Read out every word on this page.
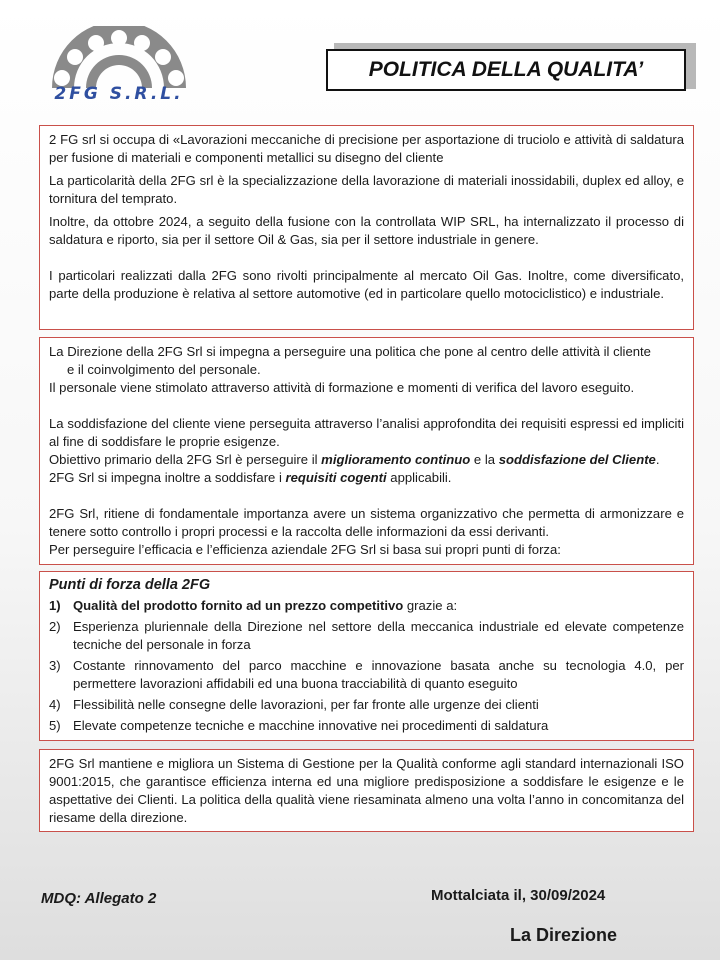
2FG S.R.L.
POLITICA DELLA QUALITA’

2 FG srl si occupa di «Lavorazioni meccaniche di precisione per asportazione di truciolo e attività di saldatura per fusione di materiali e componenti metallici su disegno del cliente

La particolarità della 2FG srl è la specializzazione della lavorazione di materiali inossidabili, duplex ed alloy, e tornitura del temprato.

Inoltre, da ottobre 2024, a seguito della fusione con la controllata WIP SRL, ha internalizzato il processo di saldatura e riporto, sia per il settore Oil & Gas, sia per il settore industriale in genere.

I particolari realizzati dalla 2FG sono rivolti principalmente al mercato Oil Gas. Inoltre, come diversificato, parte della produzione è relativa al settore automotive (ed in particolare quello motociclistico) e industriale.

La Direzione della 2FG Srl si impegna a perseguire una politica che pone al centro delle attività il cliente

e il coinvolgimento del personale.

Il personale viene stimolato attraverso attività di formazione e momenti di verifica del lavoro eseguito.

La soddisfazione del cliente viene perseguita attraverso l’analisi approfondita dei requisiti espressi ed impliciti al fine di soddisfare le proprie esigenze.

Obiettivo primario della 2FG Srl è perseguire il miglioramento continuo e la soddisfazione del Cliente.

2FG Srl si impegna inoltre a soddisfare i requisiti cogenti applicabili.

2FG Srl, ritiene di fondamentale importanza avere un sistema organizzativo che permetta di armonizzare e tenere sotto controllo i propri processi e la raccolta delle informazioni da essi derivanti.

Per perseguire l’efficacia e l’efficienza aziendale 2FG Srl si basa sui propri punti di forza:

Punti di forza della 2FG

1) Qualità del prodotto fornito ad un prezzo competitivo grazie a:
2) Esperienza pluriennale della Direzione nel settore della meccanica industriale ed elevate competenze tecniche del personale in forza
3) Costante rinnovamento del parco macchine e innovazione basata anche su tecnologia 4.0, per permettere lavorazioni affidabili ed una buona tracciabilità di quanto eseguito
4) Flessibilità nelle consegne delle lavorazioni, per far fronte alle urgenze dei clienti
5) Elevate competenze tecniche e macchine innovative nei procedimenti di saldatura

2FG Srl mantiene e migliora un Sistema di Gestione per la Qualità conforme agli standard internazionali ISO 9001:2015, che garantisce efficienza interna ed una migliore predisposizione a soddisfare le esigenze e le aspettative dei Clienti. La politica della qualità viene riesaminata almeno una volta l’anno in concomitanza del riesame della direzione.

MDQ: Allegato 2	Mottalciata il, 30/09/2024
La Direzione
